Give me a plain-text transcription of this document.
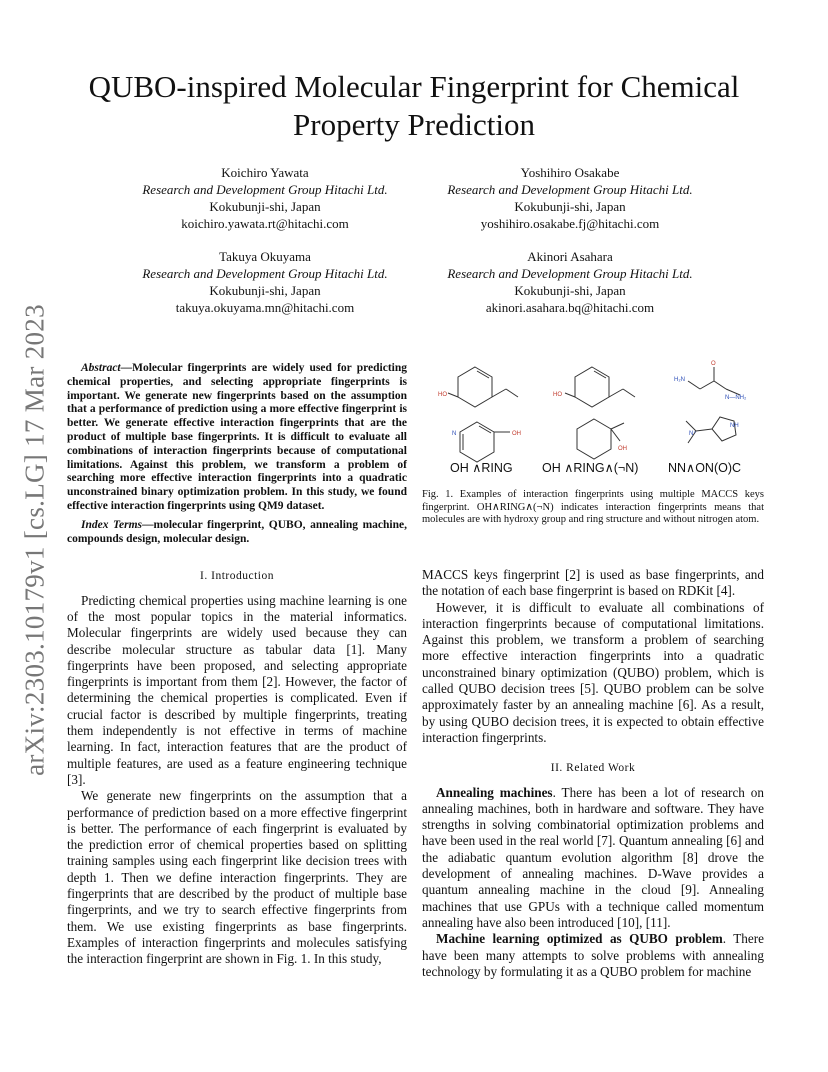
arXiv:2303.10179v1 [cs.LG] 17 Mar 2023
QUBO-inspired Molecular Fingerprint for Chemical Property Prediction
Koichiro Yawata
Research and Development Group Hitachi Ltd.
Kokubunji-shi, Japan
koichiro.yawata.rt@hitachi.com
Yoshihiro Osakabe
Research and Development Group Hitachi Ltd.
Kokubunji-shi, Japan
yoshihiro.osakabe.fj@hitachi.com
Takuya Okuyama
Research and Development Group Hitachi Ltd.
Kokubunji-shi, Japan
takuya.okuyama.mn@hitachi.com
Akinori Asahara
Research and Development Group Hitachi Ltd.
Kokubunji-shi, Japan
akinori.asahara.bq@hitachi.com

Abstract—Molecular fingerprints are widely used for predicting chemical properties, and selecting appropriate fingerprints is important. We generate new fingerprints based on the assumption that a performance of prediction using a more effective fingerprint is better. We generate effective interaction fingerprints that are the product of multiple base fingerprints. It is difficult to evaluate all combinations of interaction fingerprints because of computational limitations. Against this problem, we transform a problem of searching more effective interaction fingerprints into a quadratic unconstrained binary optimization problem. In this study, we found effective interaction fingerprints using QM9 dataset.

Index Terms—molecular fingerprint, QUBO, annealing machine, compounds design, molecular design.

I. Introduction

Predicting chemical properties using machine learning is one of the most popular topics in the material informatics. Molecular fingerprints are widely used because they can describe molecular structure as tabular data [1]. Many fingerprints have been proposed, and selecting appropriate fingerprints is important from them [2]. However, the factor of determining the chemical properties is complicated. Even if crucial factor is described by multiple fingerprints, treating them independently is not effective in terms of machine learning. In fact, interaction features that are the product of multiple features, are used as a feature engineering technique [3].

We generate new fingerprints on the assumption that a performance of prediction based on a more effective fingerprint is better. The performance of each fingerprint is evaluated by the prediction error of chemical properties based on splitting training samples using each fingerprint like decision trees with depth 1. Then we define interaction fingerprints. They are fingerprints that are described by the product of multiple base fingerprints, and we try to search effective fingerprints from them. We use existing fingerprints as base fingerprints. Examples of interaction fingerprints and molecules satisfying the interaction fingerprint are shown in Fig. 1. In this study,

HO
N	OH
HO
OH
H₂N
O
N—NH₂
NH
N⁺
OH ∧RING OH ∧RING∧(¬N) NN∧ON(O)C
Fig. 1. Examples of interaction fingerprints using multiple MACCS keys fingerprint. OH∧RING∧(¬N) indicates interaction fingerprints means that molecules are with hydroxy group and ring structure and without nitrogen atom.

MACCS keys fingerprint [2] is used as base fingerprints, and the notation of each base fingerprint is based on RDKit [4].

However, it is difficult to evaluate all combinations of interaction fingerprints because of computational limitations. Against this problem, we transform a problem of searching more effective interaction fingerprints into a quadratic unconstrained binary optimization (QUBO) problem, which is called QUBO decision trees [5]. QUBO problem can be solve approximately faster by an annealing machine [6]. As a result, by using QUBO decision trees, it is expected to obtain effective interaction fingerprints.

II. Related Work

Annealing machines. There has been a lot of research on annealing machines, both in hardware and software. They have strengths in solving combinatorial optimization problems and have been used in the real world [7]. Quantum annealing [6] and the adiabatic quantum evolution algorithm [8] drove the development of annealing machines. D-Wave provides a quantum annealing machine in the cloud [9]. Annealing machines that use GPUs with a technique called momentum annealing have also been introduced [10], [11].

Machine learning optimized as QUBO problem. There have been many attempts to solve problems with annealing technology by formulating it as a QUBO problem for machine
